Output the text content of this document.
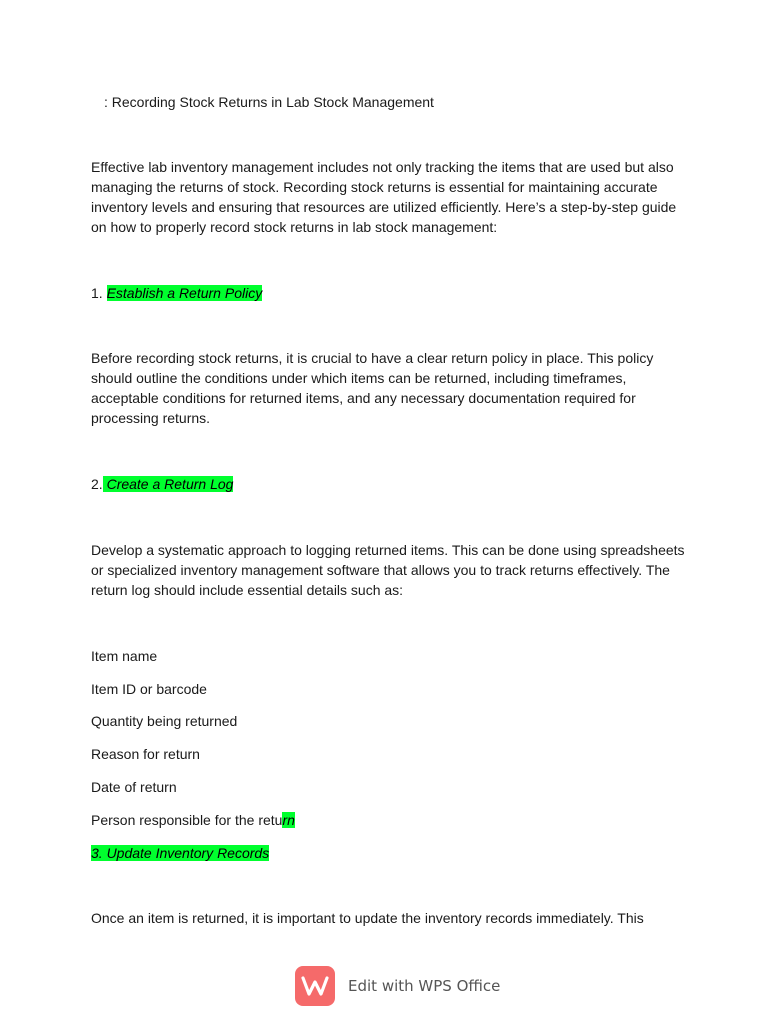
: Recording Stock Returns in Lab Stock Management
Effective lab inventory management includes not only tracking the items that are used but also
managing the returns of stock. Recording stock returns is essential for maintaining accurate
inventory levels and ensuring that resources are utilized efficiently. Here’s a step-by-step guide
on how to properly record stock returns in lab stock management:
1. Establish a Return Policy
Before recording stock returns, it is crucial to have a clear return policy in place. This policy
should outline the conditions under which items can be returned, including timeframes,
acceptable conditions for returned items, and any necessary documentation required for
processing returns.
2. Create a Return Log
Develop a systematic approach to logging returned items. This can be done using spreadsheets
or specialized inventory management software that allows you to track returns effectively. The
return log should include essential details such as:
Item name
Item ID or barcode
Quantity being returned
Reason for return
Date of return
Person responsible for the return
3. Update Inventory Records
Once an item is returned, it is important to update the inventory records immediately. This
Edit with WPS Office
